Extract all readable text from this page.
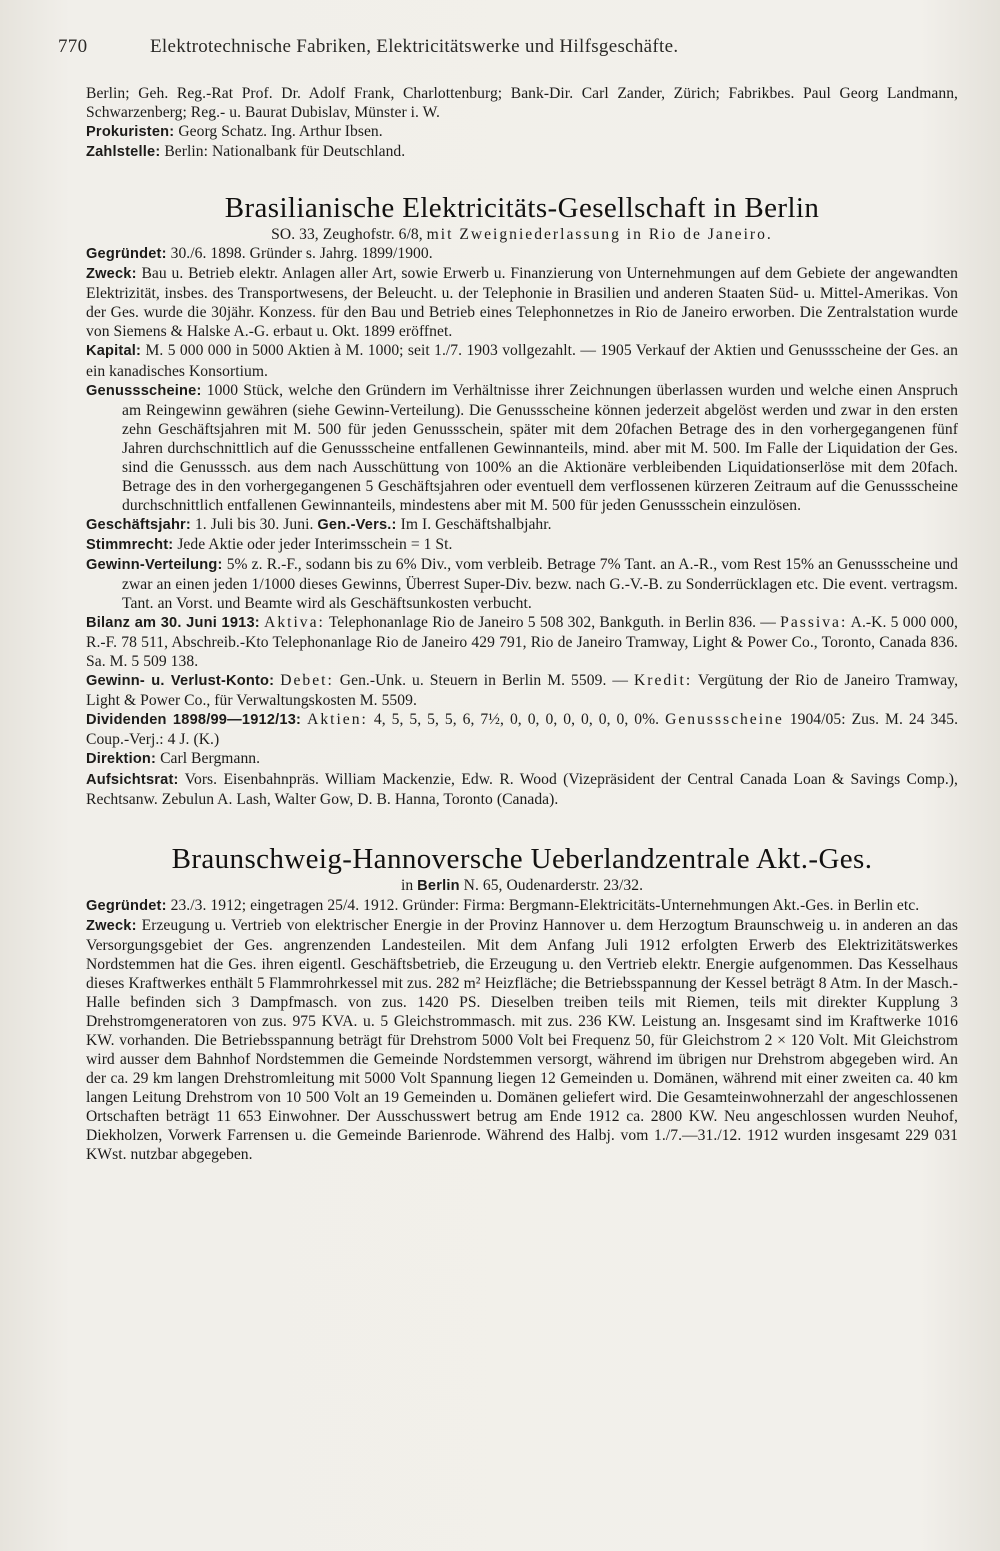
770	Elektrotechnische Fabriken, Elektricitätswerke und Hilfsgeschäfte.

Berlin; Geh. Reg.-Rat Prof. Dr. Adolf Frank, Charlottenburg; Bank-Dir. Carl Zander, Zürich; Fabrikbes. Paul Georg Landmann, Schwarzenberg; Reg.- u. Baurat Dubislav, Münster i. W.

Prokuristen: Georg Schatz. Ing. Arthur Ibsen.

Zahlstelle: Berlin: Nationalbank für Deutschland.

Brasilianische Elektricitäts-Gesellschaft in Berlin

SO. 33, Zeughofstr. 6/8, mit Zweigniederlassung in Rio de Janeiro.

Gegründet: 30./6. 1898. Gründer s. Jahrg. 1899/1900.

Zweck: Bau u. Betrieb elektr. Anlagen aller Art, sowie Erwerb u. Finanzierung von Unternehmungen auf dem Gebiete der angewandten Elektrizität, insbes. des Transportwesens, der Beleucht. u. der Telephonie in Brasilien und anderen Staaten Süd- u. Mittel-Amerikas. Von der Ges. wurde die 30jähr. Konzess. für den Bau und Betrieb eines Telephonnetzes in Rio de Janeiro erworben. Die Zentralstation wurde von Siemens & Halske A.-G. erbaut u. Okt. 1899 eröffnet.

Kapital: M. 5 000 000 in 5000 Aktien à M. 1000; seit 1./7. 1903 vollgezahlt. — 1905 Verkauf der Aktien und Genussscheine der Ges. an ein kanadisches Konsortium.

Genussscheine: 1000 Stück, welche den Gründern im Verhältnisse ihrer Zeichnungen überlassen wurden und welche einen Anspruch am Reingewinn gewähren (siehe Gewinn-Verteilung). Die Genussscheine können jederzeit abgelöst werden und zwar in den ersten zehn Geschäftsjahren mit M. 500 für jeden Genussschein, später mit dem 20fachen Betrage des in den vorhergegangenen fünf Jahren durchschnittlich auf die Genussscheine entfallenen Gewinnanteils, mind. aber mit M. 500. Im Falle der Liquidation der Ges. sind die Genusssch. aus dem nach Ausschüttung von 100% an die Aktionäre verbleibenden Liquidationserlöse mit dem 20fach. Betrage des in den vorhergegangenen 5 Geschäftsjahren oder eventuell dem verflossenen kürzeren Zeitraum auf die Genussscheine durchschnittlich entfallenen Gewinnanteils, mindestens aber mit M. 500 für jeden Genussschein einzulösen.

Geschäftsjahr: 1. Juli bis 30. Juni. Gen.-Vers.: Im I. Geschäftshalbjahr.

Stimmrecht: Jede Aktie oder jeder Interimsschein = 1 St.

Gewinn-Verteilung: 5% z. R.-F., sodann bis zu 6% Div., vom verbleib. Betrage 7% Tant. an A.-R., vom Rest 15% an Genussscheine und zwar an einen jeden 1/1000 dieses Gewinns, Überrest Super-Div. bezw. nach G.-V.-B. zu Sonderrücklagen etc. Die event. vertragsm. Tant. an Vorst. und Beamte wird als Geschäftsunkosten verbucht.

Bilanz am 30. Juni 1913: Aktiva: Telephonanlage Rio de Janeiro 5 508 302, Bankguth. in Berlin 836. — Passiva: A.-K. 5 000 000, R.-F. 78 511, Abschreib.-Kto Telephonanlage Rio de Janeiro 429 791, Rio de Janeiro Tramway, Light & Power Co., Toronto, Canada 836. Sa. M. 5 509 138.

Gewinn- u. Verlust-Konto: Debet: Gen.-Unk. u. Steuern in Berlin M. 5509. — Kredit: Vergütung der Rio de Janeiro Tramway, Light & Power Co., für Verwaltungskosten M. 5509.

Dividenden 1898/99—1912/13: Aktien: 4, 5, 5, 5, 5, 6, 7½, 0, 0, 0, 0, 0, 0, 0, 0%. Genussscheine 1904/05: Zus. M. 24 345. Coup.-Verj.: 4 J. (K.)

Direktion: Carl Bergmann.

Aufsichtsrat: Vors. Eisenbahnpräs. William Mackenzie, Edw. R. Wood (Vizepräsident der Central Canada Loan & Savings Comp.), Rechtsanw. Zebulun A. Lash, Walter Gow, D. B. Hanna, Toronto (Canada).

Braunschweig-Hannoversche Ueberlandzentrale Akt.-Ges.

in Berlin N. 65, Oudenarderstr. 23/32.

Gegründet: 23./3. 1912; eingetragen 25/4. 1912. Gründer: Firma: Bergmann-Elektricitäts-Unternehmungen Akt.-Ges. in Berlin etc.

Zweck: Erzeugung u. Vertrieb von elektrischer Energie in der Provinz Hannover u. dem Herzogtum Braunschweig u. in anderen an das Versorgungsgebiet der Ges. angrenzenden Landesteilen. Mit dem Anfang Juli 1912 erfolgten Erwerb des Elektrizitätswerkes Nordstemmen hat die Ges. ihren eigentl. Geschäftsbetrieb, die Erzeugung u. den Vertrieb elektr. Energie aufgenommen. Das Kesselhaus dieses Kraftwerkes enthält 5 Flammrohrkessel mit zus. 282 m² Heizfläche; die Betriebsspannung der Kessel beträgt 8 Atm. In der Masch.-Halle befinden sich 3 Dampfmasch. von zus. 1420 PS. Dieselben treiben teils mit Riemen, teils mit direkter Kupplung 3 Drehstromgeneratoren von zus. 975 KVA. u. 5 Gleichstrommasch. mit zus. 236 KW. Leistung an. Insgesamt sind im Kraftwerke 1016 KW. vorhanden. Die Betriebsspannung beträgt für Drehstrom 5000 Volt bei Frequenz 50, für Gleichstrom 2 × 120 Volt. Mit Gleichstrom wird ausser dem Bahnhof Nordstemmen die Gemeinde Nordstemmen versorgt, während im übrigen nur Drehstrom abgegeben wird. An der ca. 29 km langen Drehstromleitung mit 5000 Volt Spannung liegen 12 Gemeinden u. Domänen, während mit einer zweiten ca. 40 km langen Leitung Drehstrom von 10 500 Volt an 19 Gemeinden u. Domänen geliefert wird. Die Gesamteinwohnerzahl der angeschlossenen Ortschaften beträgt 11 653 Einwohner. Der Ausschusswert betrug am Ende 1912 ca. 2800 KW. Neu angeschlossen wurden Neuhof, Diekholzen, Vorwerk Farrensen u. die Gemeinde Barienrode. Während des Halbj. vom 1./7.—31./12. 1912 wurden insgesamt 229 031 KWst. nutzbar abgegeben.
